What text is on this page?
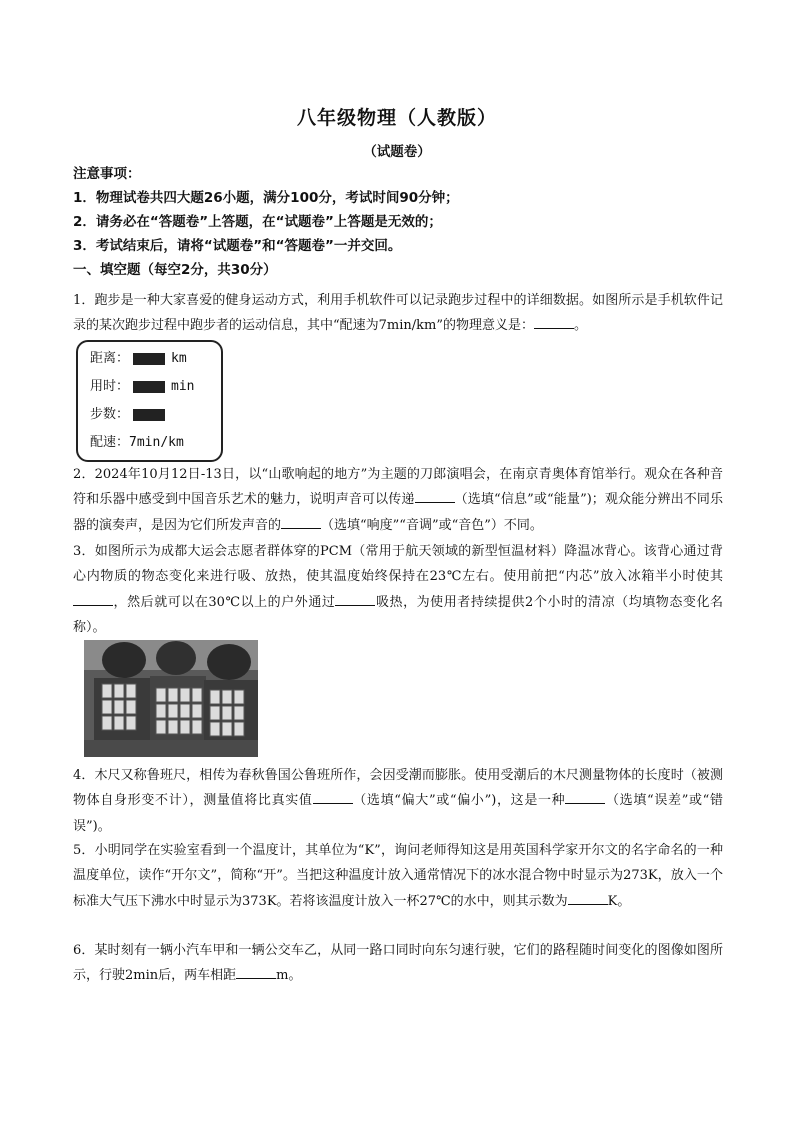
八年级物理（人教版）
（试题卷）
注意事项：
1．物理试卷共四大题26小题，满分100分，考试时间90分钟；
2．请务必在“答题卷”上答题，在“试题卷”上答题是无效的；
3．考试结束后，请将“试题卷”和“答题卷”一并交回。
一、填空题（每空2分，共30分）
1．跑步是一种大家喜爱的健身运动方式，利用手机软件可以记录跑步过程中的详细数据。如图所示是手机软件记录的某次跑步过程中跑步者的运动信息，其中“配速为7min/km”的物理意义是：	。
距离：	km
用时：	min
步数：
配速：7min/km
2．2024年10月12日-13日，以“山歌响起的地方”为主题的刀郎演唱会，在南京青奥体育馆举行。观众在各种音符和乐器中感受到中国音乐艺术的魅力，说明声音可以传递	（选填“信息”或“能量”)；观众能分辨出不同乐器的演奏声，是因为它们所发声音的	（选填“响度”“音调”或“音色”）不同。
3．如图所示为成都大运会志愿者群体穿的PCM（常用于航天领域的新型恒温材料）降温冰背心。该背心通过背心内物质的物态变化来进行吸、放热，使其温度始终保持在23℃左右。使用前把“内芯”放入冰箱半小时使其，然后就可以在30℃以上的户外通过	吸热，为使用者持续提供2个小时的清凉（均填物态变化名称）。
4．木尺又称鲁班尺，相传为春秋鲁国公鲁班所作，会因受潮而膨胀。使用受潮后的木尺测量物体的长度时（被测物体自身形变不计），测量值将比真实值	（选填“偏大”或“偏小”)，这是一种	（选填“误差”或“错误”)。
5．小明同学在实验室看到一个温度计，其单位为“K”，询问老师得知这是用英国科学家开尔文的名字命名的一种温度单位，读作“开尔文”，简称“开”。当把这种温度计放入通常情况下的冰水混合物中时显示为273K，放入一个标准大气压下沸水中时显示为373K。若将该温度计放入一杯27℃的水中，则其示数为	K。
6．某时刻有一辆小汽车甲和一辆公交车乙，从同一路口同时向东匀速行驶，它们的路程随时间变化的图像如图所示，行驶2min后，两车相距	m。
